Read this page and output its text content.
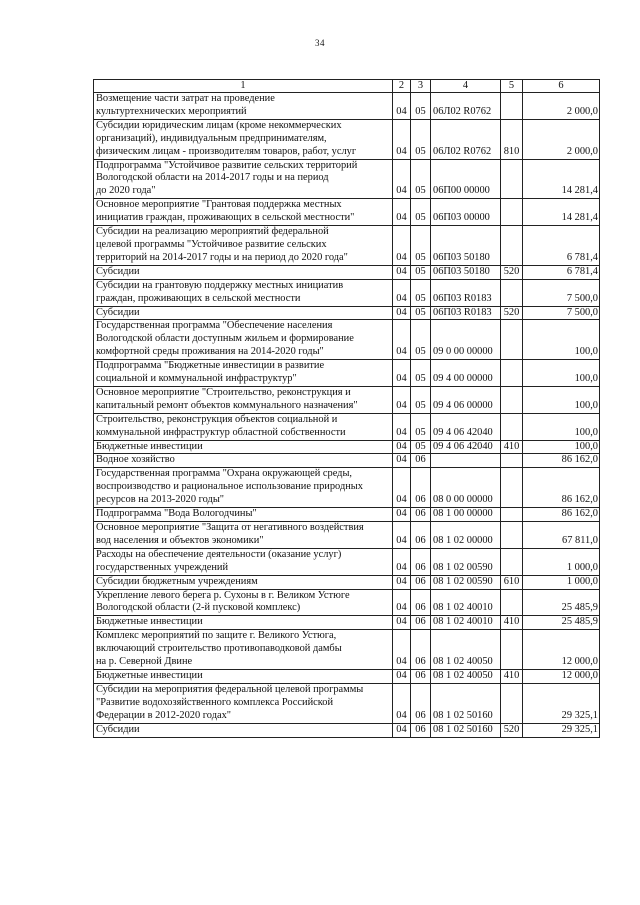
34
1	2	3	4	5	6
Возмещение части затрат на проведение
культуртехнических мероприятий	04	05	06Л02 R0762		2 000,0
Субсидии юридическим лицам (кроме некоммерческих
организаций), индивидуальным предпринимателям,
физическим лицам - производителям товаров, работ, услуг	04	05	06Л02 R0762	810	2 000,0
Подпрограмма "Устойчивое развитие сельских территорий
Вологодской области на 2014-2017 годы и на период
до 2020 года"	04	05	06П00 00000		14 281,4
Основное мероприятие "Грантовая поддержка местных
инициатив граждан, проживающих в сельской местности"	04	05	06П03 00000		14 281,4
Субсидии на реализацию мероприятий федеральной
целевой программы "Устойчивое развитие сельских
территорий на 2014-2017 годы и на период до 2020 года"	04	05	06П03 50180		6 781,4
Субсидии	04	05	06П03 50180	520	6 781,4
Субсидии на грантовую поддержку местных инициатив
граждан, проживающих в сельской местности	04	05	06П03 R0183		7 500,0
Субсидии	04	05	06П03 R0183	520	7 500,0
Государственная программа "Обеспечение населения
Вологодской области доступным жильем и формирование
комфортной среды проживания на 2014-2020 годы"	04	05	09 0 00 00000		100,0
Подпрограмма "Бюджетные инвестиции в развитие
социальной и коммунальной инфраструктур"	04	05	09 4 00 00000		100,0
Основное мероприятие "Строительство, реконструкция и
капитальный ремонт объектов коммунального назначения"	04	05	09 4 06 00000		100,0
Строительство, реконструкция объектов социальной и
коммунальной инфраструктур областной собственности	04	05	09 4 06 42040		100,0
Бюджетные инвестиции	04	05	09 4 06 42040	410	100,0
Водное хозяйство	04	06			86 162,0
Государственная программа "Охрана окружающей среды,
воспроизводство и рациональное использование природных
ресурсов на 2013-2020 годы"	04	06	08 0 00 00000		86 162,0
Подпрограмма "Вода Вологодчины"	04	06	08 1 00 00000		86 162,0
Основное мероприятие "Защита от негативного воздействия
вод населения и объектов экономики"	04	06	08 1 02 00000		67 811,0
Расходы на обеспечение деятельности (оказание услуг)
государственных учреждений	04	06	08 1 02 00590		1 000,0
Субсидии бюджетным учреждениям	04	06	08 1 02 00590	610	1 000,0
Укрепление левого берега р. Сухоны в г. Великом Устюге
Вологодской области (2-й пусковой комплекс)	04	06	08 1 02 40010		25 485,9
Бюджетные инвестиции	04	06	08 1 02 40010	410	25 485,9
Комплекс мероприятий по защите г. Великого Устюга,
включающий строительство противопаводковой дамбы
на р. Северной Двине	04	06	08 1 02 40050		12 000,0
Бюджетные инвестиции	04	06	08 1 02 40050	410	12 000,0
Субсидии на мероприятия федеральной целевой программы
"Развитие водохозяйственного комплекса Российской
Федерации в 2012-2020 годах"	04	06	08 1 02 50160		29 325,1
Субсидии	04	06	08 1 02 50160	520	29 325,1
